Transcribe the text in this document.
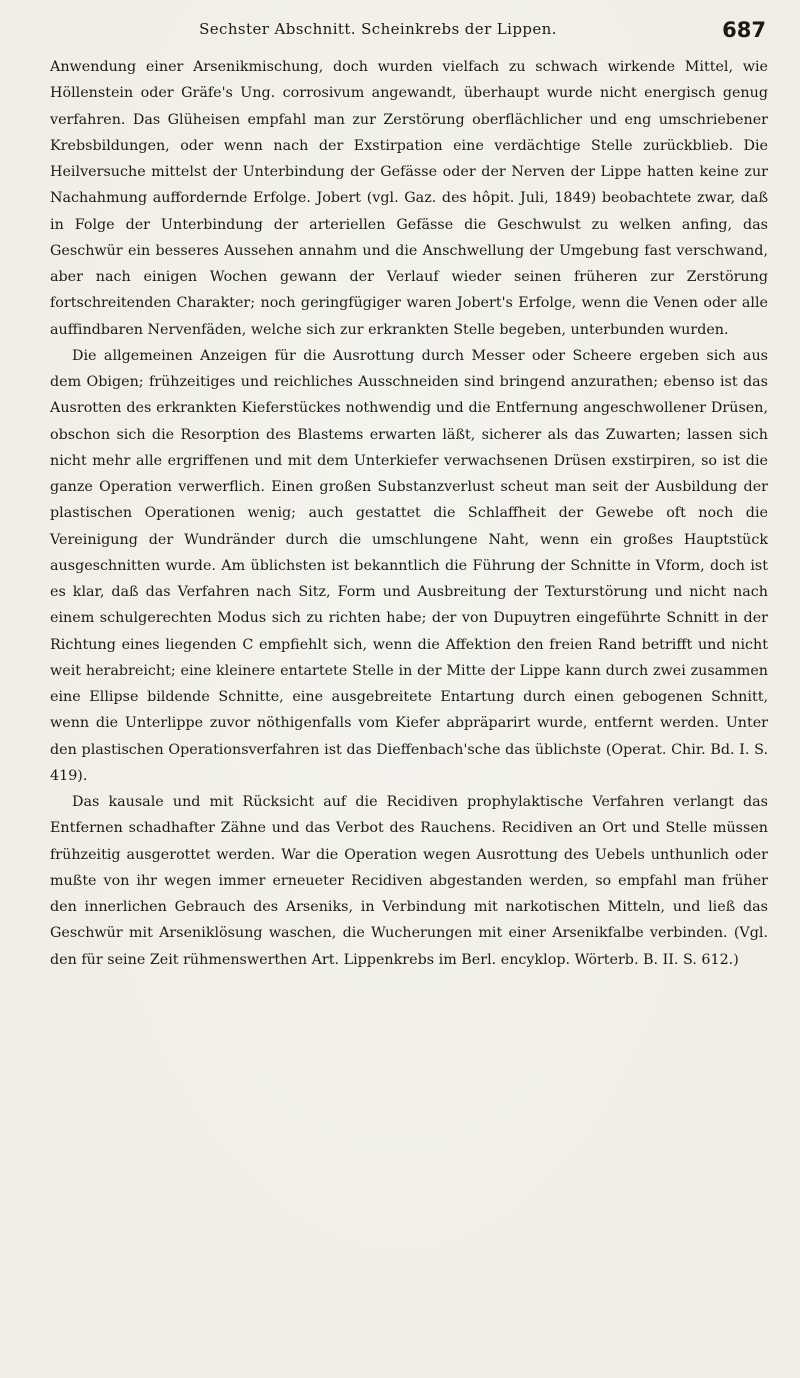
Sechster Abschnitt. Scheinkrebs der Lippen.	687

Anwendung einer Arsenikmischung, doch wurden vielfach zu schwach wirkende Mittel, wie Höllenstein oder Gräfe's Ung. corrosivum angewandt, überhaupt wurde nicht energisch genug verfahren. Das Glüheisen empfahl man zur Zerstörung oberflächlicher und eng umschriebener Krebsbildungen, oder wenn nach der Exstirpation eine verdächtige Stelle zurückblieb. Die Heilversuche mittelst der Unterbindung der Gefässe oder der Nerven der Lippe hatten keine zur Nachahmung auffordernde Erfolge. Jobert (vgl. Gaz. des hôpit. Juli, 1849) beobachtete zwar, daß in Folge der Unterbindung der arteriellen Gefässe die Geschwulst zu welken anfing, das Geschwür ein besseres Aussehen annahm und die Anschwellung der Umgebung fast verschwand, aber nach einigen Wochen gewann der Verlauf wieder seinen früheren zur Zerstörung fortschreitenden Charakter; noch geringfügiger waren Jobert's Erfolge, wenn die Venen oder alle auffindbaren Nervenfäden, welche sich zur erkrankten Stelle begeben, unterbunden wurden.

Die allgemeinen Anzeigen für die Ausrottung durch Messer oder Scheere ergeben sich aus dem Obigen; frühzeitiges und reichliches Ausschneiden sind bringend anzurathen; ebenso ist das Ausrotten des erkrankten Kieferstückes nothwendig und die Entfernung angeschwollener Drüsen, obschon sich die Resorption des Blastems erwarten läßt, sicherer als das Zuwarten; lassen sich nicht mehr alle ergriffenen und mit dem Unterkiefer verwachsenen Drüsen exstirpiren, so ist die ganze Operation verwerflich. Einen großen Substanzverlust scheut man seit der Ausbildung der plastischen Operationen wenig; auch gestattet die Schlaffheit der Gewebe oft noch die Vereinigung der Wundränder durch die umschlungene Naht, wenn ein großes Hauptstück ausgeschnitten wurde. Am üblichsten ist bekanntlich die Führung der Schnitte in Vform, doch ist es klar, daß das Verfahren nach Sitz, Form und Ausbreitung der Texturstörung und nicht nach einem schulgerechten Modus sich zu richten habe; der von Dupuytren eingeführte Schnitt in der Richtung eines liegenden C empfiehlt sich, wenn die Affektion den freien Rand betrifft und nicht weit herabreicht; eine kleinere entartete Stelle in der Mitte der Lippe kann durch zwei zusammen eine Ellipse bildende Schnitte, eine ausgebreitete Entartung durch einen gebogenen Schnitt, wenn die Unterlippe zuvor nöthigenfalls vom Kiefer abpräparirt wurde, entfernt werden. Unter den plastischen Operationsverfahren ist das Dieffenbach'sche das üblichste (Operat. Chir. Bd. I. S. 419).

Das kausale und mit Rücksicht auf die Recidiven prophylaktische Verfahren verlangt das Entfernen schadhafter Zähne und das Verbot des Rauchens. Recidiven an Ort und Stelle müssen frühzeitig ausgerottet werden. War die Operation wegen Ausrottung des Uebels unthunlich oder mußte von ihr wegen immer erneueter Recidiven abgestanden werden, so empfahl man früher den innerlichen Gebrauch des Arseniks, in Verbindung mit narkotischen Mitteln, und ließ das Geschwür mit Arseniklösung waschen, die Wucherungen mit einer Arsenikfalbe verbinden. (Vgl. den für seine Zeit rühmenswerthen Art. Lippenkrebs im Berl. encyklop. Wörterb. B. II. S. 612.)
